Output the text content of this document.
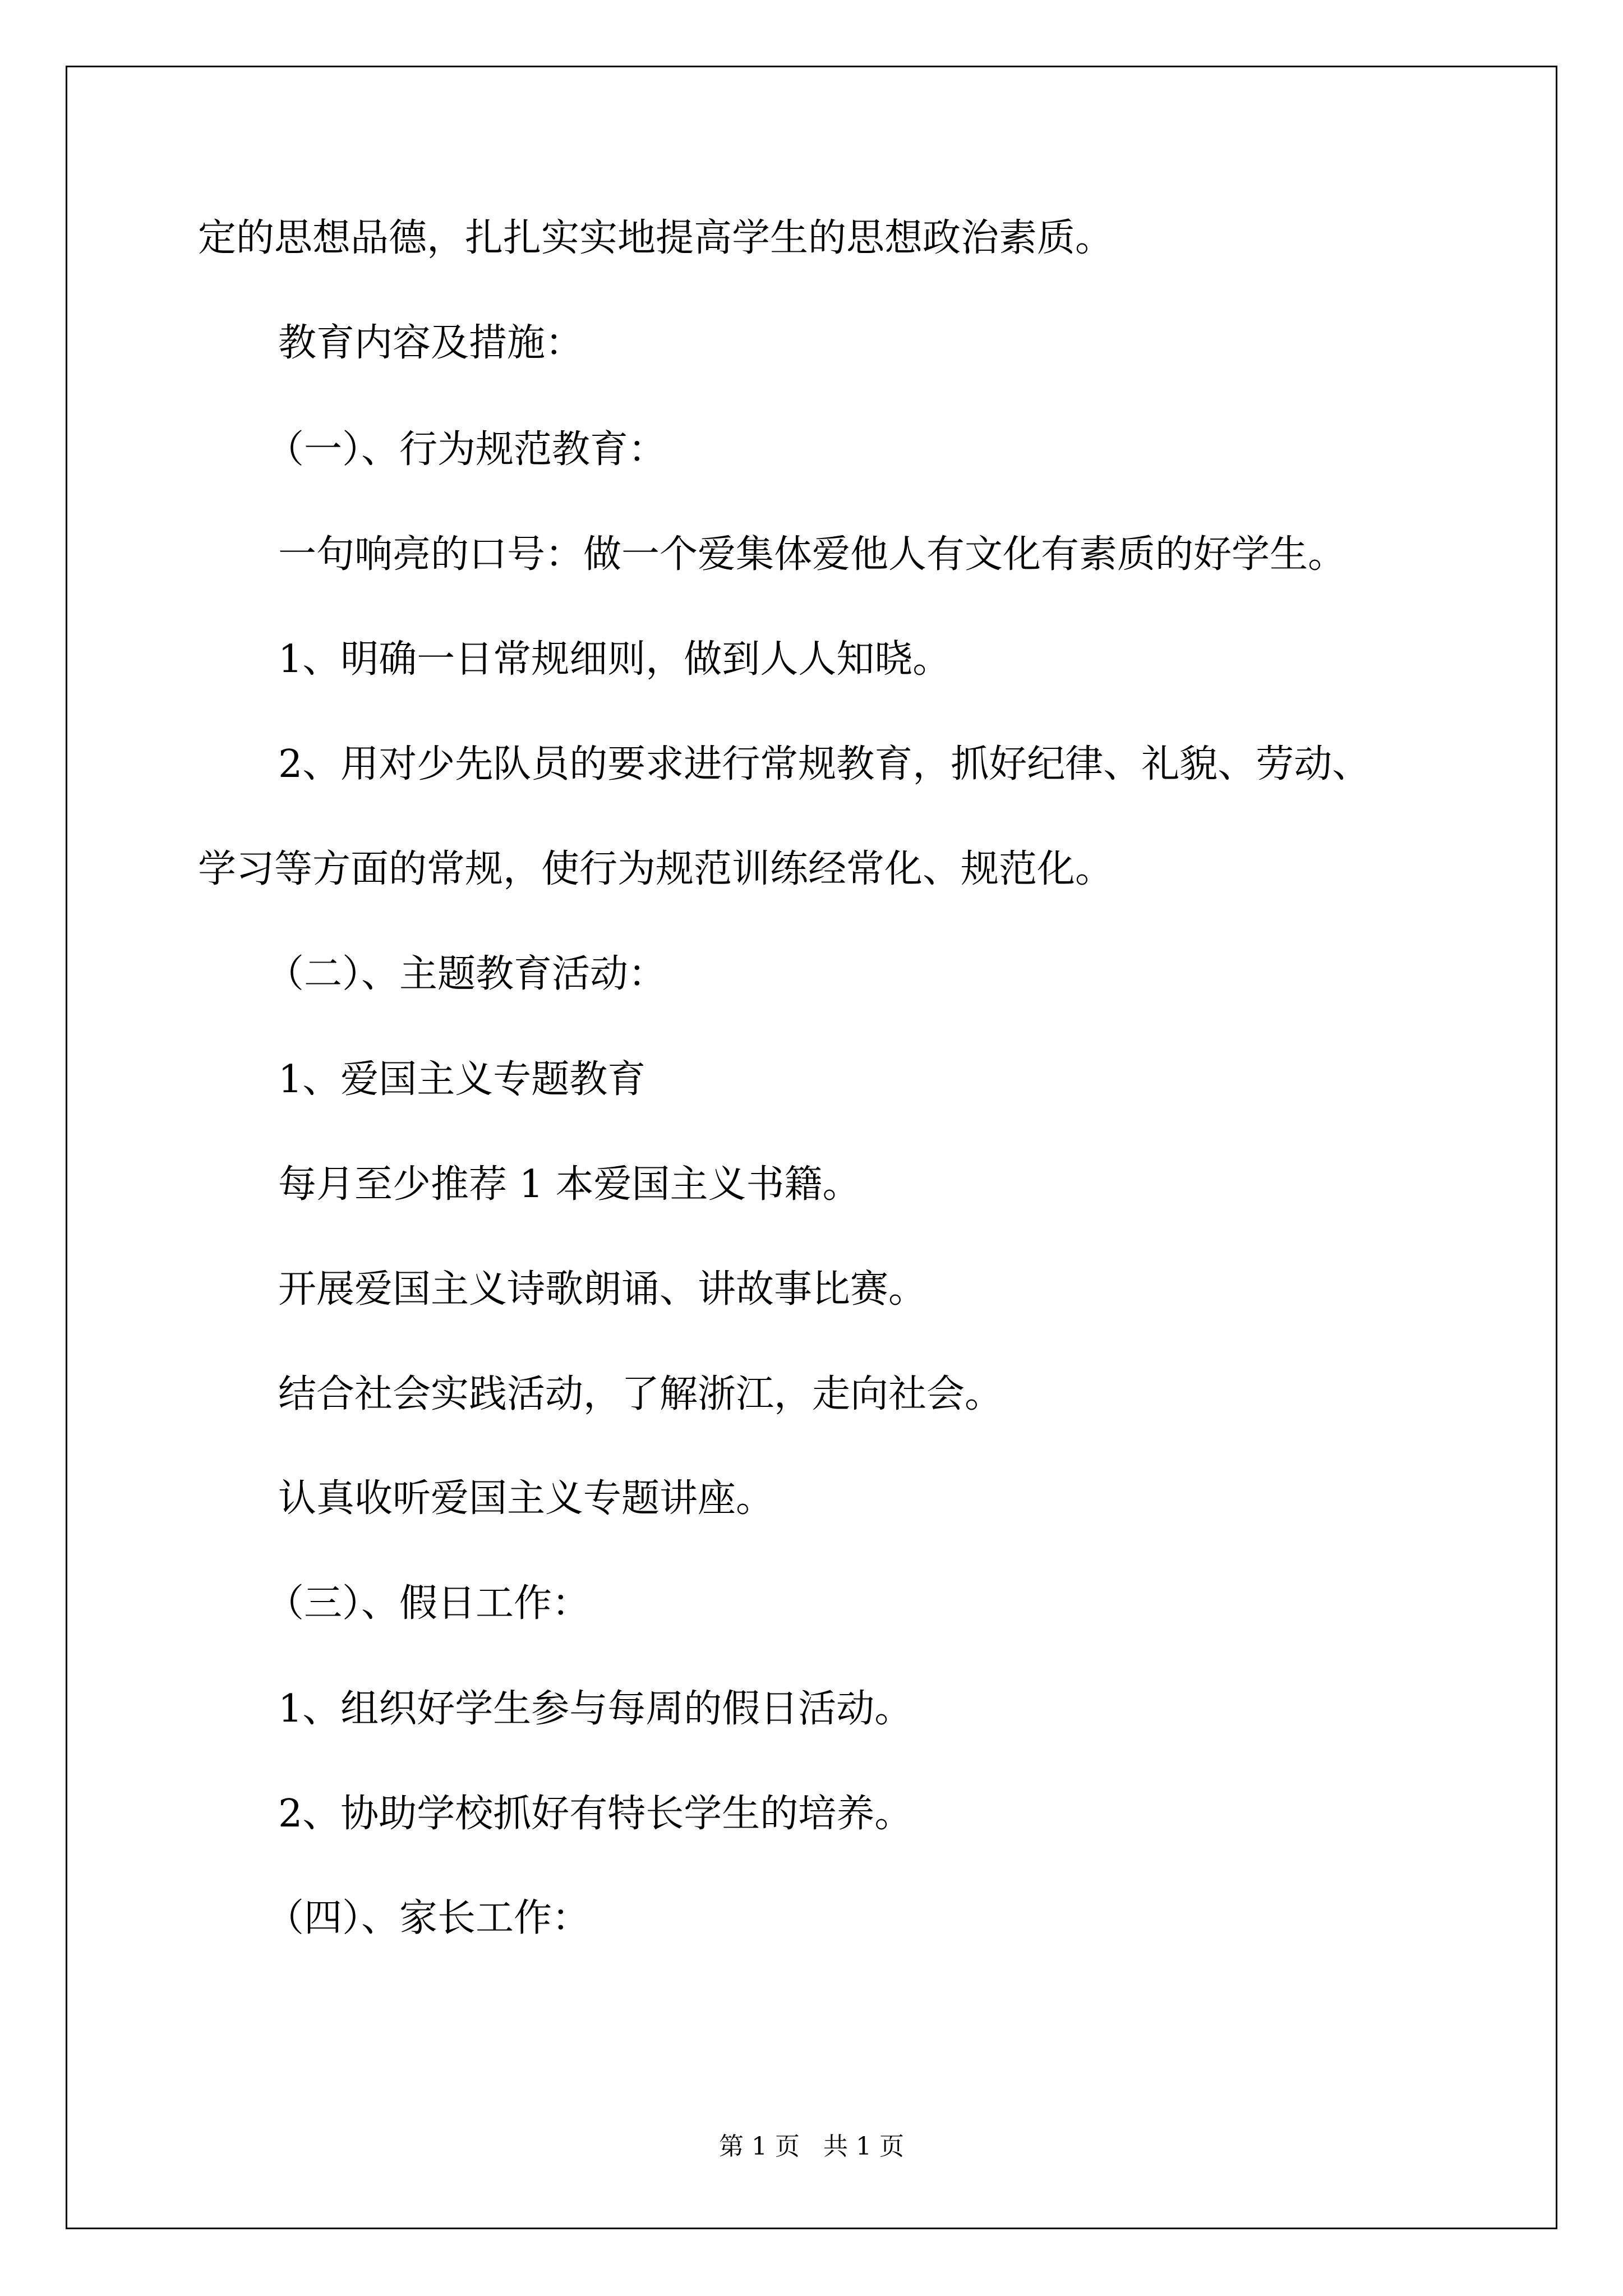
定的思想品德，扎扎实实地提高学生的思想政治素质。

教育内容及措施：

（一）、行为规范教育：

一句响亮的口号：做一个爱集体爱他人有文化有素质的好学生。

1、明确一日常规细则，做到人人知晓。

2、用对少先队员的要求进行常规教育，抓好纪律、礼貌、劳动、

学习等方面的常规，使行为规范训练经常化、规范化。

（二）、主题教育活动：

1、爱国主义专题教育

每月至少推荐 1 本爱国主义书籍。

开展爱国主义诗歌朗诵、讲故事比赛。

结合社会实践活动，了解浙江，走向社会。

认真收听爱国主义专题讲座。

（三）、假日工作：

1、组织好学生参与每周的假日活动。

2、协助学校抓好有特长学生的培养。

（四）、家长工作：

第 1 页   共 1 页
